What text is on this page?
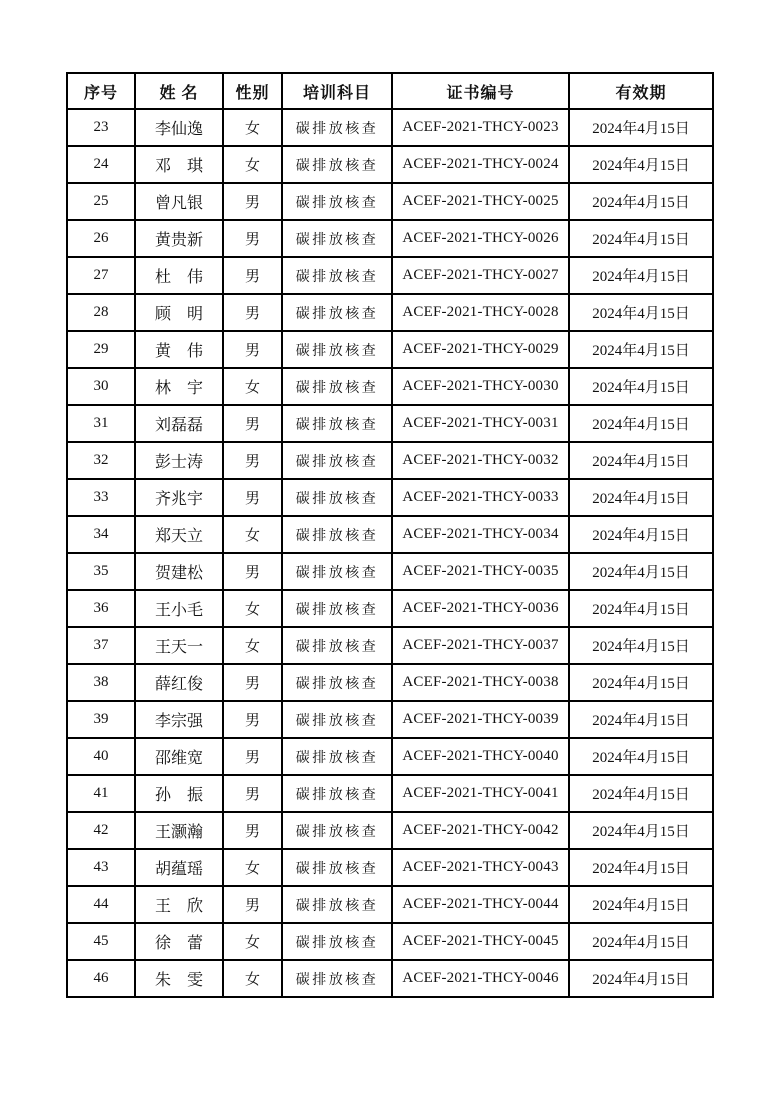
序号	姓 名	性别	培训科目	证书编号	有效期
23	李仙逸	女	碳排放核查	ACEF-2021-THCY-0023	2024年4月15日
24	邓　琪	女	碳排放核查	ACEF-2021-THCY-0024	2024年4月15日
25	曾凡银	男	碳排放核查	ACEF-2021-THCY-0025	2024年4月15日
26	黄贵新	男	碳排放核查	ACEF-2021-THCY-0026	2024年4月15日
27	杜　伟	男	碳排放核查	ACEF-2021-THCY-0027	2024年4月15日
28	顾　明	男	碳排放核查	ACEF-2021-THCY-0028	2024年4月15日
29	黄　伟	男	碳排放核查	ACEF-2021-THCY-0029	2024年4月15日
30	林　宇	女	碳排放核查	ACEF-2021-THCY-0030	2024年4月15日
31	刘磊磊	男	碳排放核查	ACEF-2021-THCY-0031	2024年4月15日
32	彭士涛	男	碳排放核查	ACEF-2021-THCY-0032	2024年4月15日
33	齐兆宇	男	碳排放核查	ACEF-2021-THCY-0033	2024年4月15日
34	郑天立	女	碳排放核查	ACEF-2021-THCY-0034	2024年4月15日
35	贺建松	男	碳排放核查	ACEF-2021-THCY-0035	2024年4月15日
36	王小毛	女	碳排放核查	ACEF-2021-THCY-0036	2024年4月15日
37	王天一	女	碳排放核查	ACEF-2021-THCY-0037	2024年4月15日
38	薛红俊	男	碳排放核查	ACEF-2021-THCY-0038	2024年4月15日
39	李宗强	男	碳排放核查	ACEF-2021-THCY-0039	2024年4月15日
40	邵维宽	男	碳排放核查	ACEF-2021-THCY-0040	2024年4月15日
41	孙　振	男	碳排放核查	ACEF-2021-THCY-0041	2024年4月15日
42	王灏瀚	男	碳排放核查	ACEF-2021-THCY-0042	2024年4月15日
43	胡蕴瑶	女	碳排放核查	ACEF-2021-THCY-0043	2024年4月15日
44	王　欣	男	碳排放核查	ACEF-2021-THCY-0044	2024年4月15日
45	徐　蕾	女	碳排放核查	ACEF-2021-THCY-0045	2024年4月15日
46	朱　雯	女	碳排放核查	ACEF-2021-THCY-0046	2024年4月15日
